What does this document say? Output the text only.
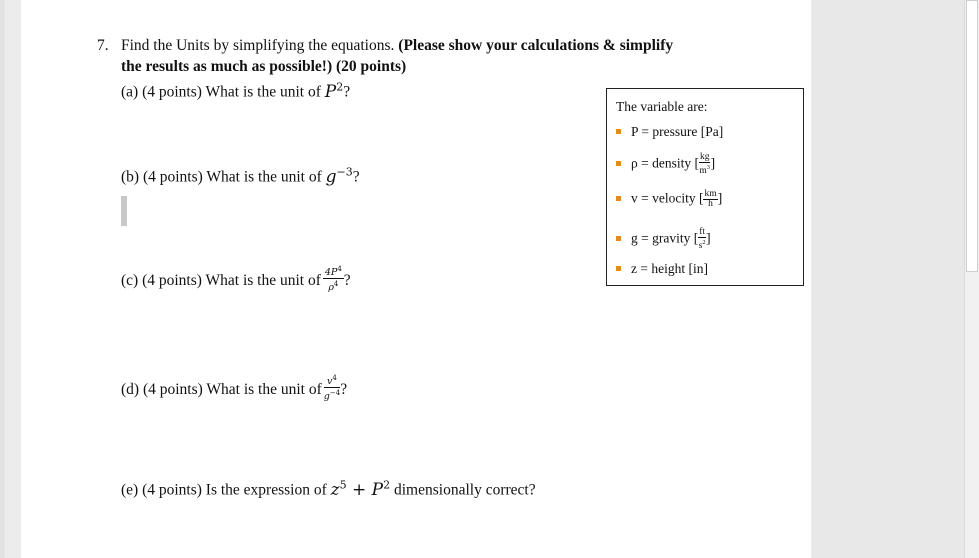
7. Find the Units by simplifying the equations. (Please show your calculations & simplify
the results as much as possible!) (20 points)
(a) (4 points) What is the unit of $P^2$?
(b) (4 points) What is the unit of $g^{-3}$?
(c) (4 points) What is the unit of $\frac{4P^4}{\rho^4}$ ?
(d) (4 points) What is the unit of $\frac{v^4}{g^{-4}}$ ?
(e) (4 points) Is the expression of $z^5 + P^2$ dimensionally correct?
The variable are:
P = pressure [Pa]
ρ = density [ $\frac{kg}{m^3}$ ]
v = velocity [ $\frac{km}{h}$ ]
g = gravity [ $\frac{ft}{s^2}$ ]
z = height [in]
